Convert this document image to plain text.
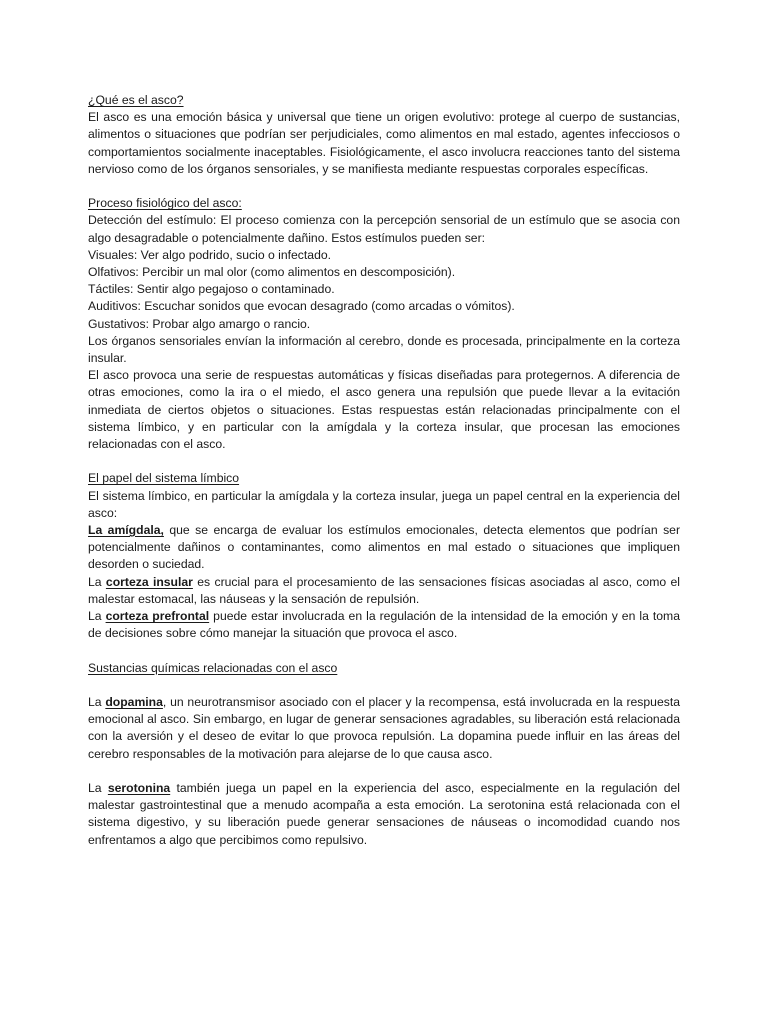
¿Qué es el asco?

El asco es una emoción básica y universal que tiene un origen evolutivo: protege al cuerpo de sustancias, alimentos o situaciones que podrían ser perjudiciales, como alimentos en mal estado, agentes infecciosos o comportamientos socialmente inaceptables. Fisiológicamente, el asco involucra reacciones tanto del sistema nervioso como de los órganos sensoriales, y se manifiesta mediante respuestas corporales específicas.

Proceso fisiológico del asco:

Detección del estímulo: El proceso comienza con la percepción sensorial de un estímulo que se asocia con algo desagradable o potencialmente dañino. Estos estímulos pueden ser:

Visuales: Ver algo podrido, sucio o infectado.

Olfativos: Percibir un mal olor (como alimentos en descomposición).

Táctiles: Sentir algo pegajoso o contaminado.

Auditivos: Escuchar sonidos que evocan desagrado (como arcadas o vómitos).

Gustativos: Probar algo amargo o rancio.

Los órganos sensoriales envían la información al cerebro, donde es procesada, principalmente en la corteza insular.

El asco provoca una serie de respuestas automáticas y físicas diseñadas para protegernos. A diferencia de otras emociones, como la ira o el miedo, el asco genera una repulsión que puede llevar a la evitación inmediata de ciertos objetos o situaciones. Estas respuestas están relacionadas principalmente con el sistema límbico, y en particular con la amígdala y la corteza insular, que procesan las emociones relacionadas con el asco.

El papel del sistema límbico

El sistema límbico, en particular la amígdala y la corteza insular, juega un papel central en la experiencia del asco:

La amígdala, que se encarga de evaluar los estímulos emocionales, detecta elementos que podrían ser potencialmente dañinos o contaminantes, como alimentos en mal estado o situaciones que impliquen desorden o suciedad.

La corteza insular es crucial para el procesamiento de las sensaciones físicas asociadas al asco, como el malestar estomacal, las náuseas y la sensación de repulsión.

La corteza prefrontal puede estar involucrada en la regulación de la intensidad de la emoción y en la toma de decisiones sobre cómo manejar la situación que provoca el asco.

Sustancias químicas relacionadas con el asco

La dopamina, un neurotransmisor asociado con el placer y la recompensa, está involucrada en la respuesta emocional al asco. Sin embargo, en lugar de generar sensaciones agradables, su liberación está relacionada con la aversión y el deseo de evitar lo que provoca repulsión. La dopamina puede influir en las áreas del cerebro responsables de la motivación para alejarse de lo que causa asco.

La serotonina también juega un papel en la experiencia del asco, especialmente en la regulación del malestar gastrointestinal que a menudo acompaña a esta emoción. La serotonina está relacionada con el sistema digestivo, y su liberación puede generar sensaciones de náuseas o incomodidad cuando nos enfrentamos a algo que percibimos como repulsivo.
